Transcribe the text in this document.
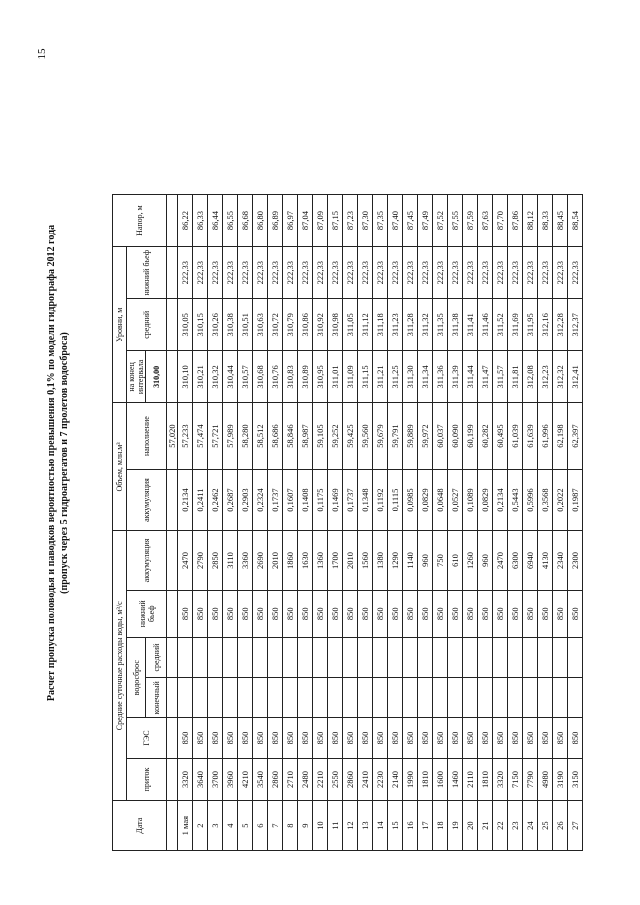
15
Расчет пропуска половодья и паводков вероятностью превышения 0,1% по модели гидрографа 2012 года (пропуск через 5 гидроагрегатов и 7 пролетов водосброса)
Дата	Средние суточные расходы воды, м³/с						Объем, млн.м³		Уровни, м			Напор, м
	приток	ГЭС	водосброс		нижний бьеф	аккумуляция	аккумуляция	наполнение	на конец интервала	средний	нижний бьеф	
			конечный	средний					310,00			
								57,020				
1 мая	3320	850			850	2470	0,2134	57,233	310,10	310,05	222,33	86,22
2	3640	850			850	2790	0,2411	57,474	310,21	310,15	222,33	86,33
3	3700	850			850	2850	0,2462	57,721	310,32	310,26	222,33	86,44
4	3960	850			850	3110	0,2687	57,989	310,44	310,38	222,33	86,55
5	4210	850			850	3360	0,2903	58,280	310,57	310,51	222,33	86,68
6	3540	850			850	2690	0,2324	58,512	310,68	310,63	222,33	86,80
7	2860	850			850	2010	0,1737	58,686	310,76	310,72	222,33	86,89
8	2710	850			850	1860	0,1607	58,846	310,83	310,79	222,33	86,97
9	2480	850			850	1630	0,1408	58,987	310,89	310,86	222,33	87,04
10	2210	850			850	1360	0,1175	59,105	310,95	310,92	222,33	87,09
11	2550	850			850	1700	0,1469	59,252	311,01	310,98	222,33	87,15
12	2860	850			850	2010	0,1737	59,425	311,09	311,05	222,33	87,23
13	2410	850			850	1560	0,1348	59,560	311,15	311,12	222,33	87,30
14	2230	850			850	1380	0,1192	59,679	311,21	311,18	222,33	87,35
15	2140	850			850	1290	0,1115	59,791	311,25	311,23	222,33	87,40
16	1990	850			850	1140	0,0985	59,889	311,30	311,28	222,33	87,45
17	1810	850			850	960	0,0829	59,972	311,34	311,32	222,33	87,49
18	1600	850			850	750	0,0648	60,037	311,36	311,35	222,33	87,52
19	1460	850			850	610	0,0527	60,090	311,39	311,38	222,33	87,55
20	2110	850			850	1260	0,1089	60,199	311,44	311,41	222,33	87,59
21	1810	850			850	960	0,0829	60,282	311,47	311,46	222,33	87,63
22	3320	850			850	2470	0,2134	60,495	311,57	311,52	222,33	87,70
23	7150	850			850	6300	0,5443	61,039	311,81	311,69	222,33	87,86
24	7790	850			850	6940	0,5996	61,639	312,08	311,95	222,33	88,12
25	4980	850			850	4130	0,3568	61,996	312,23	312,16	222,33	88,33
26	3190	850			850	2340	0,2022	62,198	312,32	312,28	222,33	88,45
27	3150	850			850	2300	0,1987	62,397	312,41	312,37	222,33	88,54
